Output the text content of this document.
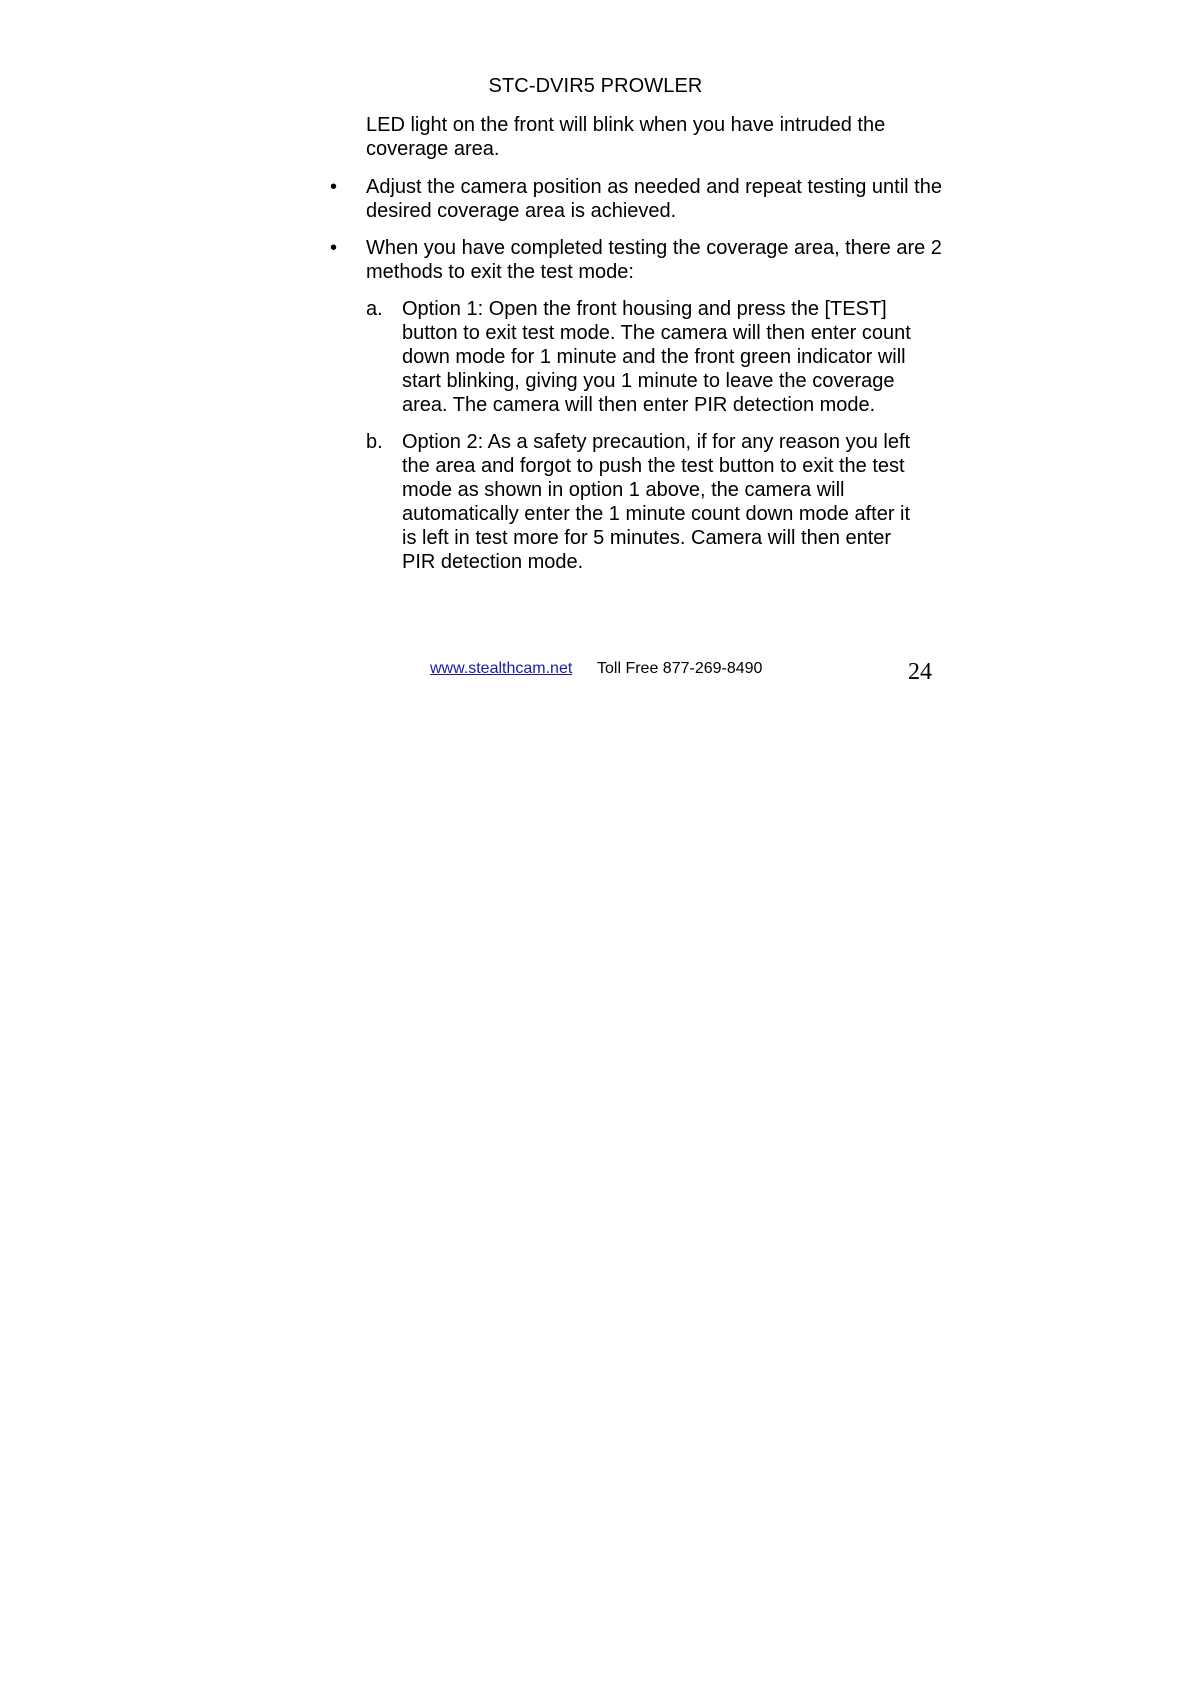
STC-DVIR5 PROWLER
LED light on the front will blink when you have intruded the coverage area.
•	Adjust the camera position as needed and repeat testing until the desired coverage area is achieved.
•	When you have completed testing the coverage area, there are 2 methods to exit the test mode:
a. Option 1: Open the front housing and press the [TEST] button to exit test mode. The camera will then enter count down mode for 1 minute and the front green indicator will start blinking, giving you 1 minute to leave the coverage area. The camera will then enter PIR detection mode.
b. Option 2: As a safety precaution, if for any reason you left the area and forgot to push the test button to exit the test mode as shown in option 1 above, the camera will automatically enter the 1 minute count down mode after it is left in test more for 5 minutes. Camera will then enter PIR detection mode.
www.stealthcam.net Toll Free 877-269-8490	24
